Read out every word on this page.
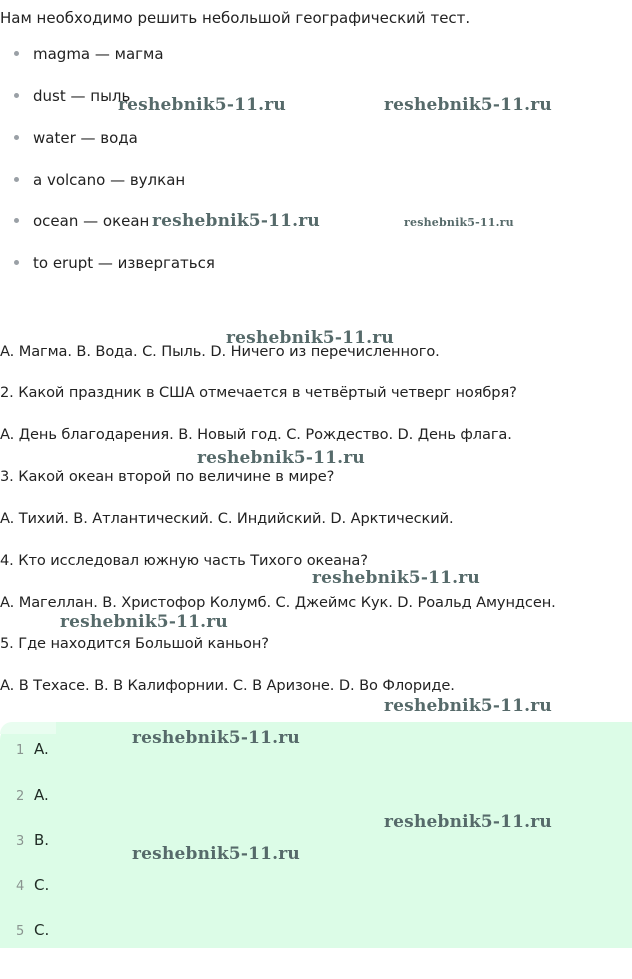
Нам необходимо решить небольшой географический тест.

magma — магма
dust — пыль
water — вода
a volcano — вулкан
ocean — океан
to erupt — извергаться

A. Магма. B. Вода. C. Пыль. D. Ничего из перечисленного.

2. Какой праздник в США отмечается в четвёртый четверг ноября?

A. День благодарения. B. Новый год. C. Рождество. D. День флага.

3. Какой океан второй по величине в мире?

A. Тихий. B. Атлантический. C. Индийский. D. Арктический.

4. Кто исследовал южную часть Тихого океана?

A. Магеллан. B. Христофор Колумб. C. Джеймс Кук. D. Роальд Амундсен.

5. Где находится Большой каньон?

A. В Техасе. B. В Калифорнии. C. В Аризоне. D. Во Флориде.

1 A.
2 A.
3 B.
4 C.
5 C.
reshebnik5-11.ru	reshebnik5-11.ru
reshebnik5-11.ru	reshebnik5-11.ru
reshebnik5-11.ru
reshebnik5-11.ru
reshebnik5-11.ru
reshebnik5-11.ru
reshebnik5-11.ru
reshebnik5-11.ru
reshebnik5-11.ru
reshebnik5-11.ru
